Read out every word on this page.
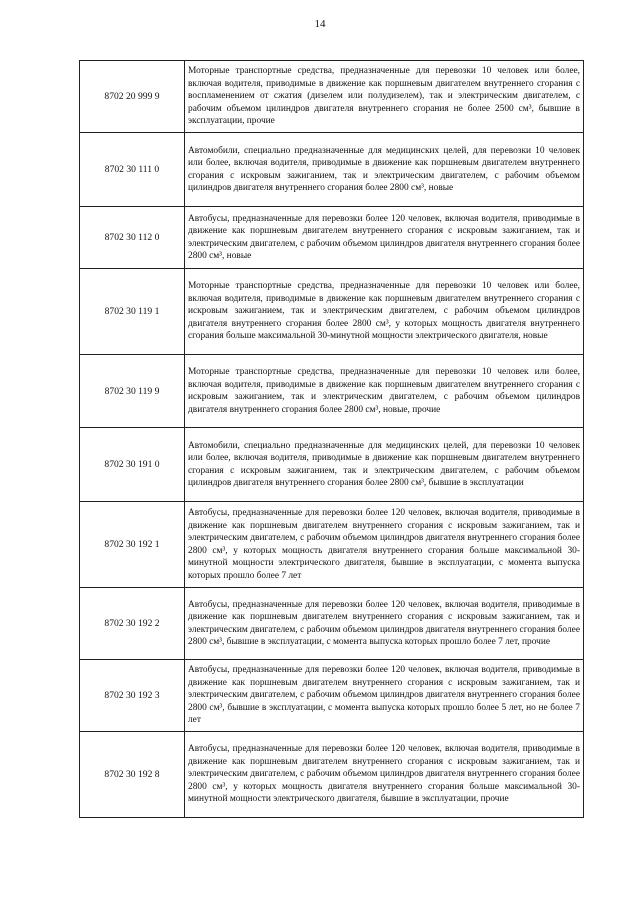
14
8702 20 999 9	Моторные транспортные средства, предназначенные для перевозки 10 человек или более, включая водителя, приводимые в движение как поршневым двигателем внутреннего сгорания с воспламенением от сжатия (дизелем или полудизелем), так и электрическим двигателем, с рабочим объемом цилиндров двигателя внутреннего сгорания не более 2500 см³, бывшие в эксплуатации, прочие
8702 30 111 0	Автомобили, специально предназначенные для медицинских целей, для перевозки 10 человек или более, включая водителя, приводимые в движение как поршневым двигателем внутреннего сгорания с искровым зажиганием, так и электрическим двигателем, с рабочим объемом цилиндров двигателя внутреннего сгорания более 2800 см³, новые
8702 30 112 0	Автобусы, предназначенные для перевозки более 120 человек, включая водителя, приводимые в движение как поршневым двигателем внутреннего сгорания с искровым зажиганием, так и электрическим двигателем, с рабочим объемом цилиндров двигателя внутреннего сгорания более 2800 см³, новые
8702 30 119 1	Моторные транспортные средства, предназначенные для перевозки 10 человек или более, включая водителя, приводимые в движение как поршневым двигателем внутреннего сгорания с искровым зажиганием, так и электрическим двигателем, с рабочим объемом цилиндров двигателя внутреннего сгорания более 2800 см³, у которых мощность двигателя внутреннего сгорания больше максимальной 30-минутной мощности электрического двигателя, новые
8702 30 119 9	Моторные транспортные средства, предназначенные для перевозки 10 человек или более, включая водителя, приводимые в движение как поршневым двигателем внутреннего сгорания с искровым зажиганием, так и электрическим двигателем, с рабочим объемом цилиндров двигателя внутреннего сгорания более 2800 см³, новые, прочие
8702 30 191 0	Автомобили, специально предназначенные для медицинских целей, для перевозки 10 человек или более, включая водителя, приводимые в движение как поршневым двигателем внутреннего сгорания с искровым зажиганием, так и электрическим двигателем, с рабочим объемом цилиндров двигателя внутреннего сгорания более 2800 см³, бывшие в эксплуатации
8702 30 192 1	Автобусы, предназначенные для перевозки более 120 человек, включая водителя, приводимые в движение как поршневым двигателем внутреннего сгорания с искровым зажиганием, так и электрическим двигателем, с рабочим объемом цилиндров двигателя внутреннего сгорания более 2800 см³, у которых мощность двигателя внутреннего сгорания больше максимальной 30-минутной мощности электрического двигателя, бывшие в эксплуатации, с момента выпуска которых прошло более 7 лет
8702 30 192 2	Автобусы, предназначенные для перевозки более 120 человек, включая водителя, приводимые в движение как поршневым двигателем внутреннего сгорания с искровым зажиганием, так и электрическим двигателем, с рабочим объемом цилиндров двигателя внутреннего сгорания более 2800 см³, бывшие в эксплуатации, с момента выпуска которых прошло более 7 лет, прочие
8702 30 192 3	Автобусы, предназначенные для перевозки более 120 человек, включая водителя, приводимые в движение как поршневым двигателем внутреннего сгорания с искровым зажиганием, так и электрическим двигателем, с рабочим объемом цилиндров двигателя внутреннего сгорания более 2800 см³, бывшие в эксплуатации, с момента выпуска которых прошло более 5 лет, но не более 7 лет
8702 30 192 8	Автобусы, предназначенные для перевозки более 120 человек, включая водителя, приводимые в движение как поршневым двигателем внутреннего сгорания с искровым зажиганием, так и электрическим двигателем, с рабочим объемом цилиндров двигателя внутреннего сгорания более 2800 см³, у которых мощность двигателя внутреннего сгорания больше максимальной 30-минутной мощности электрического двигателя, бывшие в эксплуатации, прочие
